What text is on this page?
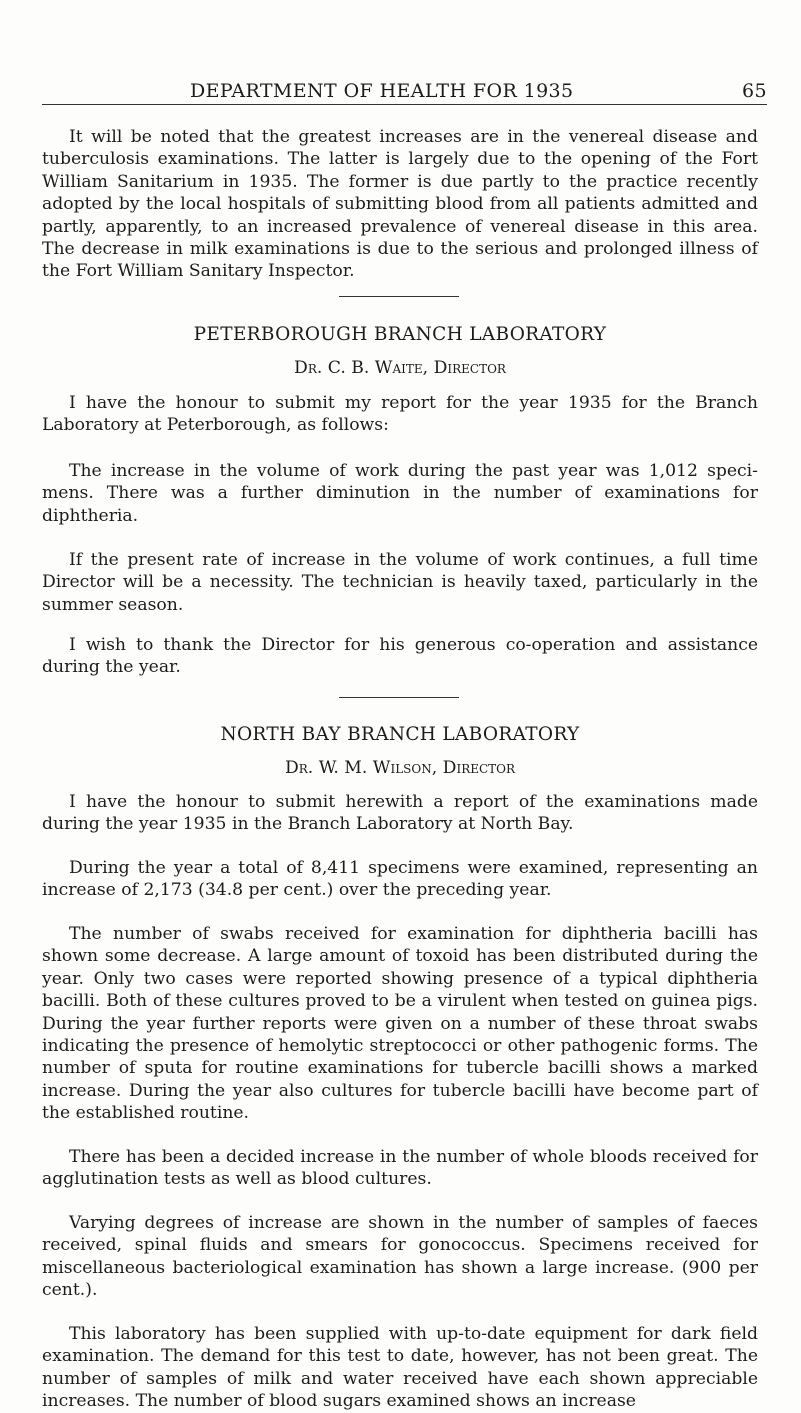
DEPARTMENT OF HEALTH FOR 1935	65

It will be noted that the greatest increases are in the venereal disease and tuberculosis examinations. The latter is largely due to the opening of the Fort William Sanitarium in 1935. The former is due partly to the practice recently adopted by the local hospitals of submitting blood from all patients admitted and partly, apparently, to an increased prevalence of venereal disease in this area. The decrease in milk examinations is due to the serious and prolonged illness of the Fort William Sanitary Inspector.

PETERBOROUGH BRANCH LABORATORY
Dr. C. B. Waite, Director

I have the honour to submit my report for the year 1935 for the Branch Laboratory at Peterborough, as follows:

The increase in the volume of work during the past year was 1,012 speci- mens. There was a further diminution in the number of examinations for diphtheria.

If the present rate of increase in the volume of work continues, a full time Director will be a necessity. The technician is heavily taxed, particularly in the summer season.

I wish to thank the Director for his generous co-operation and assistance during the year.

NORTH BAY BRANCH LABORATORY
Dr. W. M. Wilson, Director

I have the honour to submit herewith a report of the examinations made during the year 1935 in the Branch Laboratory at North Bay.

During the year a total of 8,411 specimens were examined, representing an increase of 2,173 (34.8 per cent.) over the preceding year.

The number of swabs received for examination for diphtheria bacilli has shown some decrease. A large amount of toxoid has been distributed during the year. Only two cases were reported showing presence of a typical diphtheria bacilli. Both of these cultures proved to be a virulent when tested on guinea pigs. During the year further reports were given on a number of these throat swabs indicating the presence of hemolytic streptococci or other pathogenic forms. The number of sputa for routine examinations for tubercle bacilli shows a marked increase. During the year also cultures for tubercle bacilli have become part of the established routine.

There has been a decided increase in the number of whole bloods received for agglutination tests as well as blood cultures.

Varying degrees of increase are shown in the number of samples of faeces received, spinal fluids and smears for gonococcus. Specimens received for miscellaneous bacteriological examination has shown a large increase. (900 per cent.).

This laboratory has been supplied with up-to-date equipment for dark field examination. The demand for this test to date, however, has not been great. The number of samples of milk and water received have each shown appreciable increases. The number of blood sugars examined shows an increase
